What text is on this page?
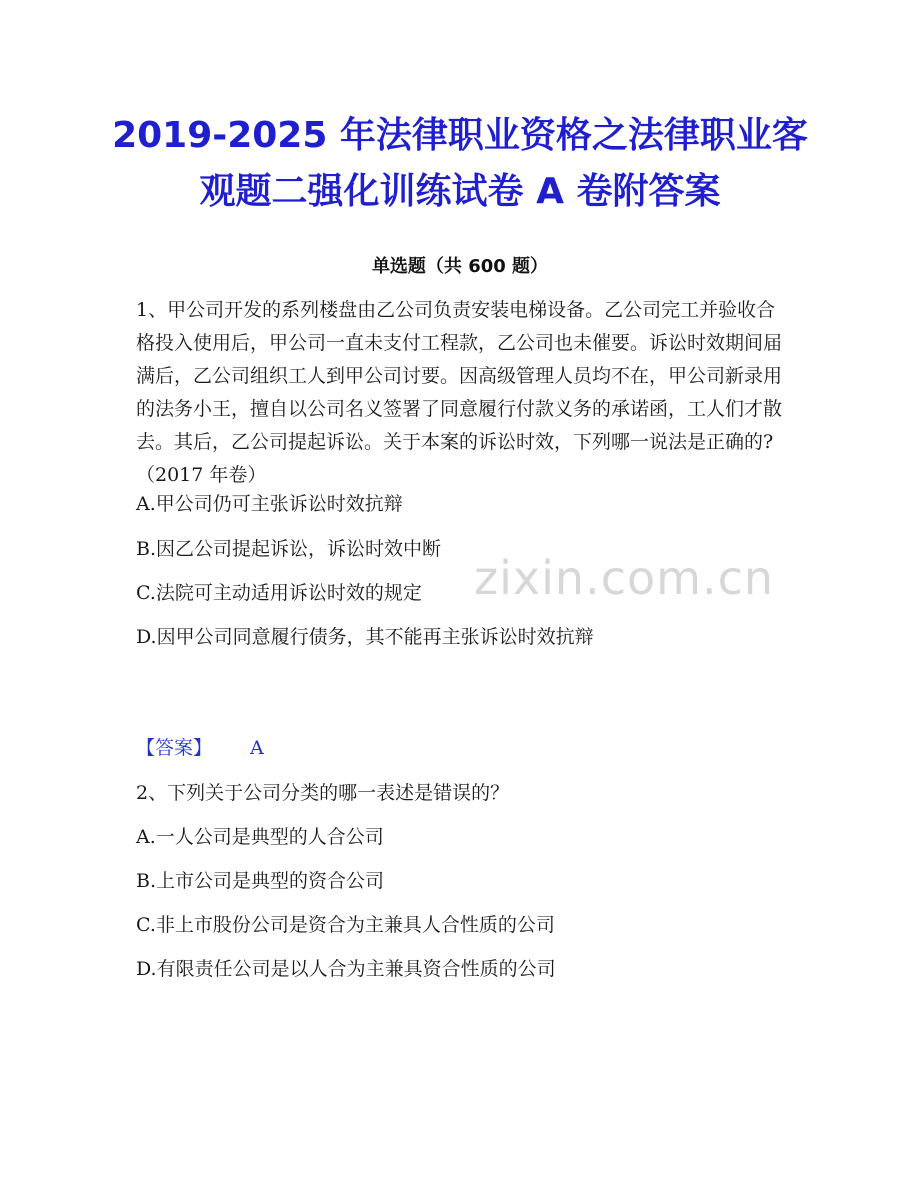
2019-2025 年法律职业资格之法律职业客
观题二强化训练试卷 A 卷附答案
单选题（共 600 题）
1、甲公司开发的系列楼盘由乙公司负责安装电梯设备。乙公司完工并验收合格投入使用后，甲公司一直未支付工程款，乙公司也未催要。诉讼时效期间届满后，乙公司组织工人到甲公司讨要。因高级管理人员均不在，甲公司新录用的法务小王，擅自以公司名义签署了同意履行付款义务的承诺函，工人们才散去。其后，乙公司提起诉讼。关于本案的诉讼时效，下列哪一说法是正确的?（2017 年卷）
A.甲公司仍可主张诉讼时效抗辩
B.因乙公司提起诉讼，诉讼时效中断
C.法院可主动适用诉讼时效的规定
D.因甲公司同意履行债务，其不能再主张诉讼时效抗辩
【答案】 A
2、下列关于公司分类的哪一表述是错误的？
A.一人公司是典型的人合公司
B.上市公司是典型的资合公司
C.非上市股份公司是资合为主兼具人合性质的公司
D.有限责任公司是以人合为主兼具资合性质的公司
zixin.com.cn
